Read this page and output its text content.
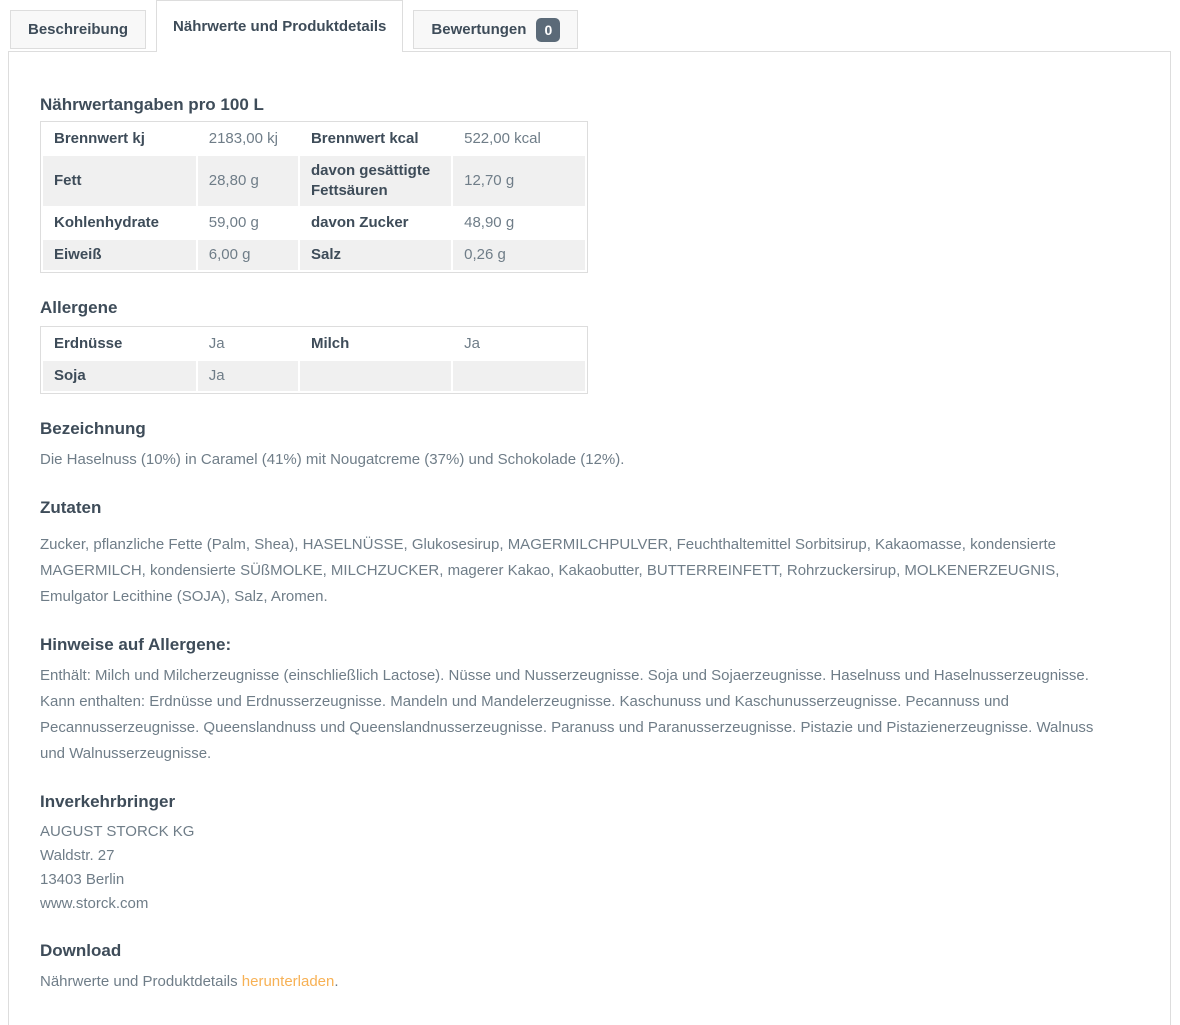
Beschreibung	Nährwerte und Produktdetails	Bewertungen	0
Nährwertangaben pro 100 L
Brennwert kj	2183,00 kj	Brennwert kcal	522,00 kcal
Fett	28,80 g	davon gesättigte Fettsäuren	12,70 g
Kohlenhydrate	59,00 g	davon Zucker	48,90 g
Eiweiß	6,00 g	Salz	0,26 g
Allergene
Erdnüsse	Ja	Milch	Ja
Soja	Ja		
Bezeichnung

Die Haselnuss (10%) in Caramel (41%) mit Nougatcreme (37%) und Schokolade (12%).

Zutaten

Zucker, pflanzliche Fette (Palm, Shea), HASELNÜSSE, Glukosesirup, MAGERMILCHPULVER, Feuchthaltemittel Sorbitsirup, Kakaomasse, kondensierte MAGERMILCH, kondensierte SÜßMOLKE, MILCHZUCKER, magerer Kakao, Kakaobutter, BUTTERREINFETT, Rohrzuckersirup, MOLKENERZEUGNIS, Emulgator Lecithine (SOJA), Salz, Aromen.

Hinweise auf Allergene:

Enthält: Milch und Milcherzeugnisse (einschließlich Lactose). Nüsse und Nusserzeugnisse. Soja und Sojaerzeugnisse. Haselnuss und Haselnusserzeugnisse. Kann enthalten: Erdnüsse und Erdnusserzeugnisse. Mandeln und Mandelerzeugnisse. Kaschunuss und Kaschunusserzeugnisse. Pecannuss und Pecannusserzeugnisse. Queenslandnuss und Queenslandnusserzeugnisse. Paranuss und Paranusserzeugnisse. Pistazie und Pistazienerzeugnisse. Walnuss und Walnusserzeugnisse.

Inverkehrbringer
AUGUST STORCK KG
Waldstr. 27
13403 Berlin
www.storck.com
Download

Nährwerte und Produktdetails herunterladen.
